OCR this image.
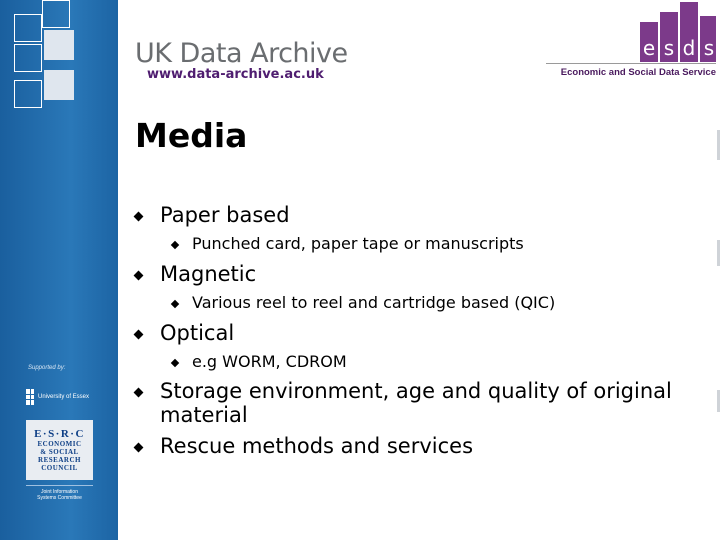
Supported by:
University of Essex
E·S·R·C
ECONOMIC
& SOCIAL
RESEARCH
COUNCIL
Joint Information
Systems Committee
UK Data Archive
www.data-archive.ac.uk
e s d s
Economic and Social Data Service
Media
Paper based
Punched card, paper tape or manuscripts
Magnetic
Various reel to reel and cartridge based (QIC)
Optical
e.g WORM, CDROM
Storage environment, age and quality of original material
Rescue methods and services
